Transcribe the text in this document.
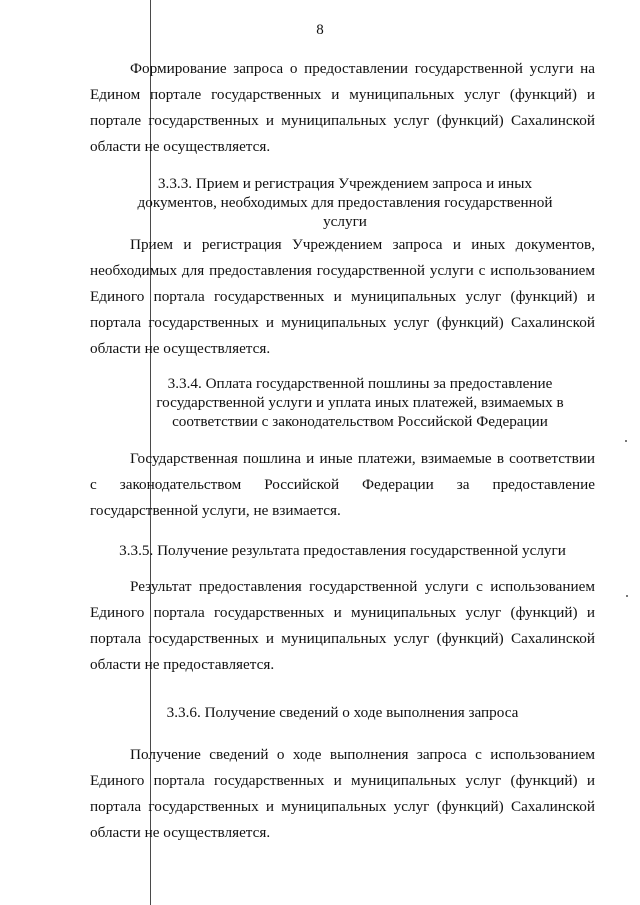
8

Формирование запроса о предоставлении государственной услуги на Едином портале государственных и муниципальных услуг (функций) и портале государственных и муниципальных услуг (функций) Сахалинской области не осуществляется.

3.3.3. Прием и регистрация Учреждением запроса и иных документов, необходимых для предоставления государственной услуги

Прием и регистрация Учреждением запроса и иных документов, необходимых для предоставления государственной услуги с использованием Единого портала государственных и муниципальных услуг (функций) и портала государственных и муниципальных услуг (функций) Сахалинской области не осуществляется.

3.3.4. Оплата государственной пошлины за предоставление государственной услуги и уплата иных платежей, взимаемых в соответствии с законодательством Российской Федерации

Государственная пошлина и иные платежи, взимаемые в соответствии с законодательством Российской Федерации за предоставление государственной услуги, не взимается.

3.3.5. Получение результата предоставления государственной услуги

Результат предоставления государственной услуги с использованием Единого портала государственных и муниципальных услуг (функций) и портала государственных и муниципальных услуг (функций) Сахалинской области не предоставляется.

3.3.6. Получение сведений о ходе выполнения запроса

Получение сведений о ходе выполнения запроса с использованием Единого портала государственных и муниципальных услуг (функций) и портала государственных и муниципальных услуг (функций) Сахалинской области не осуществляется.
